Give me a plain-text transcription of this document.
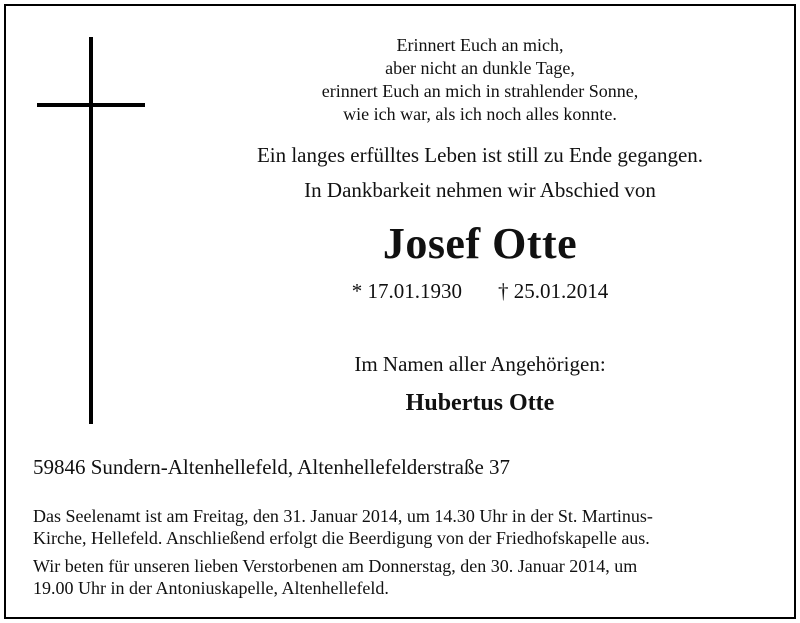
Erinnert Euch an mich,
aber nicht an dunkle Tage,
erinnert Euch an mich in strahlender Sonne,
wie ich war, als ich noch alles konnte.
Ein langes erfülltes Leben ist still zu Ende gegangen.
In Dankbarkeit nehmen wir Abschied von
Josef Otte
* 17.01.1930 † 25.01.2014
Im Namen aller Angehörigen:
Hubertus Otte
59846 Sundern-Altenhellefeld, Altenhellefelderstraße 37
Das Seelenamt ist am Freitag, den 31. Januar 2014, um 14.30 Uhr in der St. Martinus-
Kirche, Hellefeld. Anschließend erfolgt die Beerdigung von der Friedhofskapelle aus.
Wir beten für unseren lieben Verstorbenen am Donnerstag, den 30. Januar 2014, um
19.00 Uhr in der Antoniuskapelle, Altenhellefeld.
